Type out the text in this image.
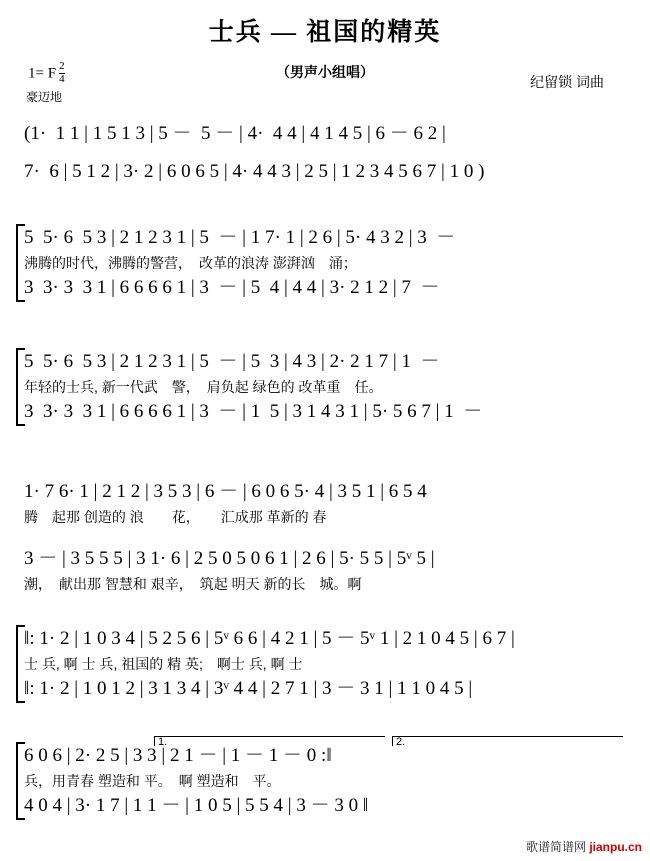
士兵 — 祖国的精英
（男声小组唱）
纪留锁 词曲
1= F $\frac{2}{4}$
豪迈地
(1·  1 1 | 1 5 1 3 | 5 －  5 － | 4·  4 4 | 4 1 4 5 | 6 － 6 2 |
7·  6 | 5 1 2 | 3· 2 | 6 0 6 5 | 4· 4 4 3 | 2 5 | 1 2 3 4 5 6 7 | 1 0 )
5  5· 6  5 3 | 2 1 2 3 1 | 5  － | 1 7· 1 | 2 6 | 5· 4 3 2 | 3  －
沸腾的时代，沸腾的警营，　改革的浪涛 澎湃汹　涌；
3  3· 3  3 1 | 6 6 6 6 1 | 3  － | 5  4 | 4 4 | 3· 2 1 2 | 7  －
5  5· 6  5 3 | 2 1 2 3 1 | 5  － | 5  3 | 4 3 | 2· 2 1 7 | 1  －
年轻的士兵, 新一代武　警，　肩负起 绿色的 改革重　任。
3  3· 3  3 1 | 6 6 6 6 1 | 3  － | 1  5 | 3 1 4 3 1 | 5· 5 6 7 | 1  －
1· 7 6· 1 | 2 1 2 | 3 5 3 | 6 － | 6 0 6 5· 4 | 3 5 1 | 6 5 4
腾　起那 创造的 浪　　花，　　汇成那 革新的 春
3 － | 3 5 5 5 | 3 1· 6 | 2 5 0 5 0 6 1 | 2 6 | 5· 5 5 | 5ᵛ 5 |
潮，　献出那 智慧和 艰辛，　筑起 明天 新的长　城。啊
‖: 1· 2 | 1 0 3 4 | 5 2 5 6 | 5ᵛ 6 6 | 4 2 1 | 5 － 5ᵛ 1 | 2 1 0 4 5 | 6 7 |
士 兵, 啊 士 兵, 祖国的 精 英;　啊士 兵, 啊 士
‖: 1· 2 | 1 0 1 2 | 3 1 3 4 | 3ᵛ 4 4 | 2 7 1 | 3 － 3 1 | 1 1 0 4 5 |
1.	2.
6 0 6 | 2· 2 5 | 3 3 | 2 1 － | 1 － 1 － 0 :‖
兵，用青春 塑造和 平。　啊 塑造和　平。
4 0 4 | 3· 1 7 | 1 1 － | 1 0 5 | 5 5 4 | 3 － 3 0 ‖
歌谱简谱网 jianpu.cn
